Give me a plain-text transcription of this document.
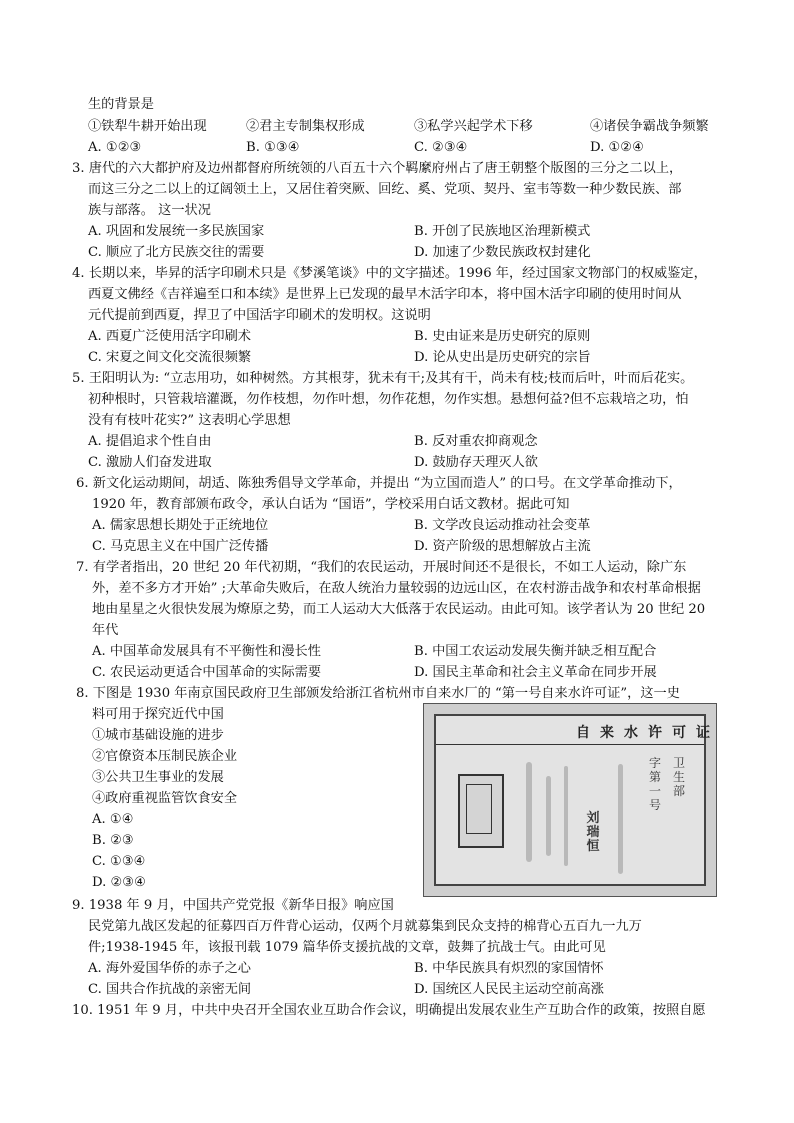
生的背景是
①铁犁牛耕开始出现	②君主专制集权形成	③私学兴起学术下移	④诸侯争霸战争频繁
A. ①②③	B. ①③④	C. ②③④	D. ①②④
3. 唐代的六大都护府及边州都督府所统领的八百五十六个羁縻府州占了唐王朝整个版图的三分之二以上，
而这三分之二以上的辽阔领土上，又居住着突厥、回纥、奚、党项、契丹、室韦等数一种少数民族、部
族与部落。 这一状况
A. 巩固和发展统一多民族国家	B. 开创了民族地区治理新模式
C. 顺应了北方民族交往的需要	D. 加速了少数民族政权封建化
4. 长期以来，毕昇的活字印刷术只是《梦溪笔谈》中的文字描述。1996 年，经过国家文物部门的权威鉴定，
西夏文佛经《吉祥遍至口和本续》是世界上已发现的最早木活字印本，将中国木活字印刷的使用时间从
元代提前到西夏，捍卫了中国活字印刷术的发明权。这说明
A. 西夏广泛使用活字印刷术	B. 史由证来是历史研究的原则
C. 宋夏之间文化交流很频繁	D. 论从史出是历史研究的宗旨
5. 王阳明认为: “立志用功，如种树然。方其根芽，犹未有干;及其有干，尚未有枝;枝而后叶，叶而后花实。
初种根时，只管栽培灌溉，勿作枝想，勿作叶想，勿作花想，勿作实想。悬想何益?但不忘栽培之功，怕
没有有枝叶花实?” 这表明心学思想
A. 提倡追求个性自由	B. 反对重农抑商观念
C. 激励人们奋发进取	D. 鼓励存天理灭人欲
6. 新文化运动期间，胡适、陈独秀倡导文学革命，并提出 “为立国而造人” 的口号。在文学革命推动下，
1920 年，教育部颁布政令，承认白话为 “国语”，学校采用白话文教材。据此可知
A. 儒家思想长期处于正统地位	B. 文学改良运动推动社会变革
C. 马克思主义在中国广泛传播	D. 资产阶级的思想解放占主流
7. 有学者指出，20 世纪 20 年代初期，“我们的农民运动，开展时间还不是很长，不如工人运动，除广东
外，差不多方才开始” ;大革命失败后，在敌人统治力量较弱的边远山区，在农村游击战争和农村革命根据
地由星星之火很快发展为燎原之势，而工人运动大大低落于农民运动。由此可知。该学者认为 20 世纪 20
年代
A. 中国革命发展具有不平衡性和漫长性	B. 中国工农运动发展失衡并缺乏相互配合
C. 农民运动更适合中国革命的实际需要	D. 国民主革命和社会主义革命在同步开展
8. 下图是 1930 年南京国民政府卫生部颁发给浙江省杭州市自来水厂的 “第一号自来水许可证”，这一史
料可用于探究近代中国
①城市基础设施的进步
②官僚资本压制民族企业
③公共卫生事业的发展
④政府重视监管饮食安全
A. ①④
B. ②③
C. ①③④
D. ②③④
自来水许可证
卫生部
字第一号
刘瑞恒
9. 1938 年 9 月，中国共产党党报《新华日报》响应国
民党第九战区发起的征募四百万件背心运动，仅两个月就募集到民众支持的棉背心五百九一九万
件;1938-1945 年，该报刊载 1079 篇华侨支援抗战的文章，鼓舞了抗战士气。由此可见
A. 海外爱国华侨的赤子之心	B. 中华民族具有炽烈的家国情怀
C. 国共合作抗战的亲密无间	D. 国统区人民民主运动空前高涨
10. 1951 年 9 月，中共中央召开全国农业互助合作会议，明确提出发展农业生产互助合作的政策，按照自愿
